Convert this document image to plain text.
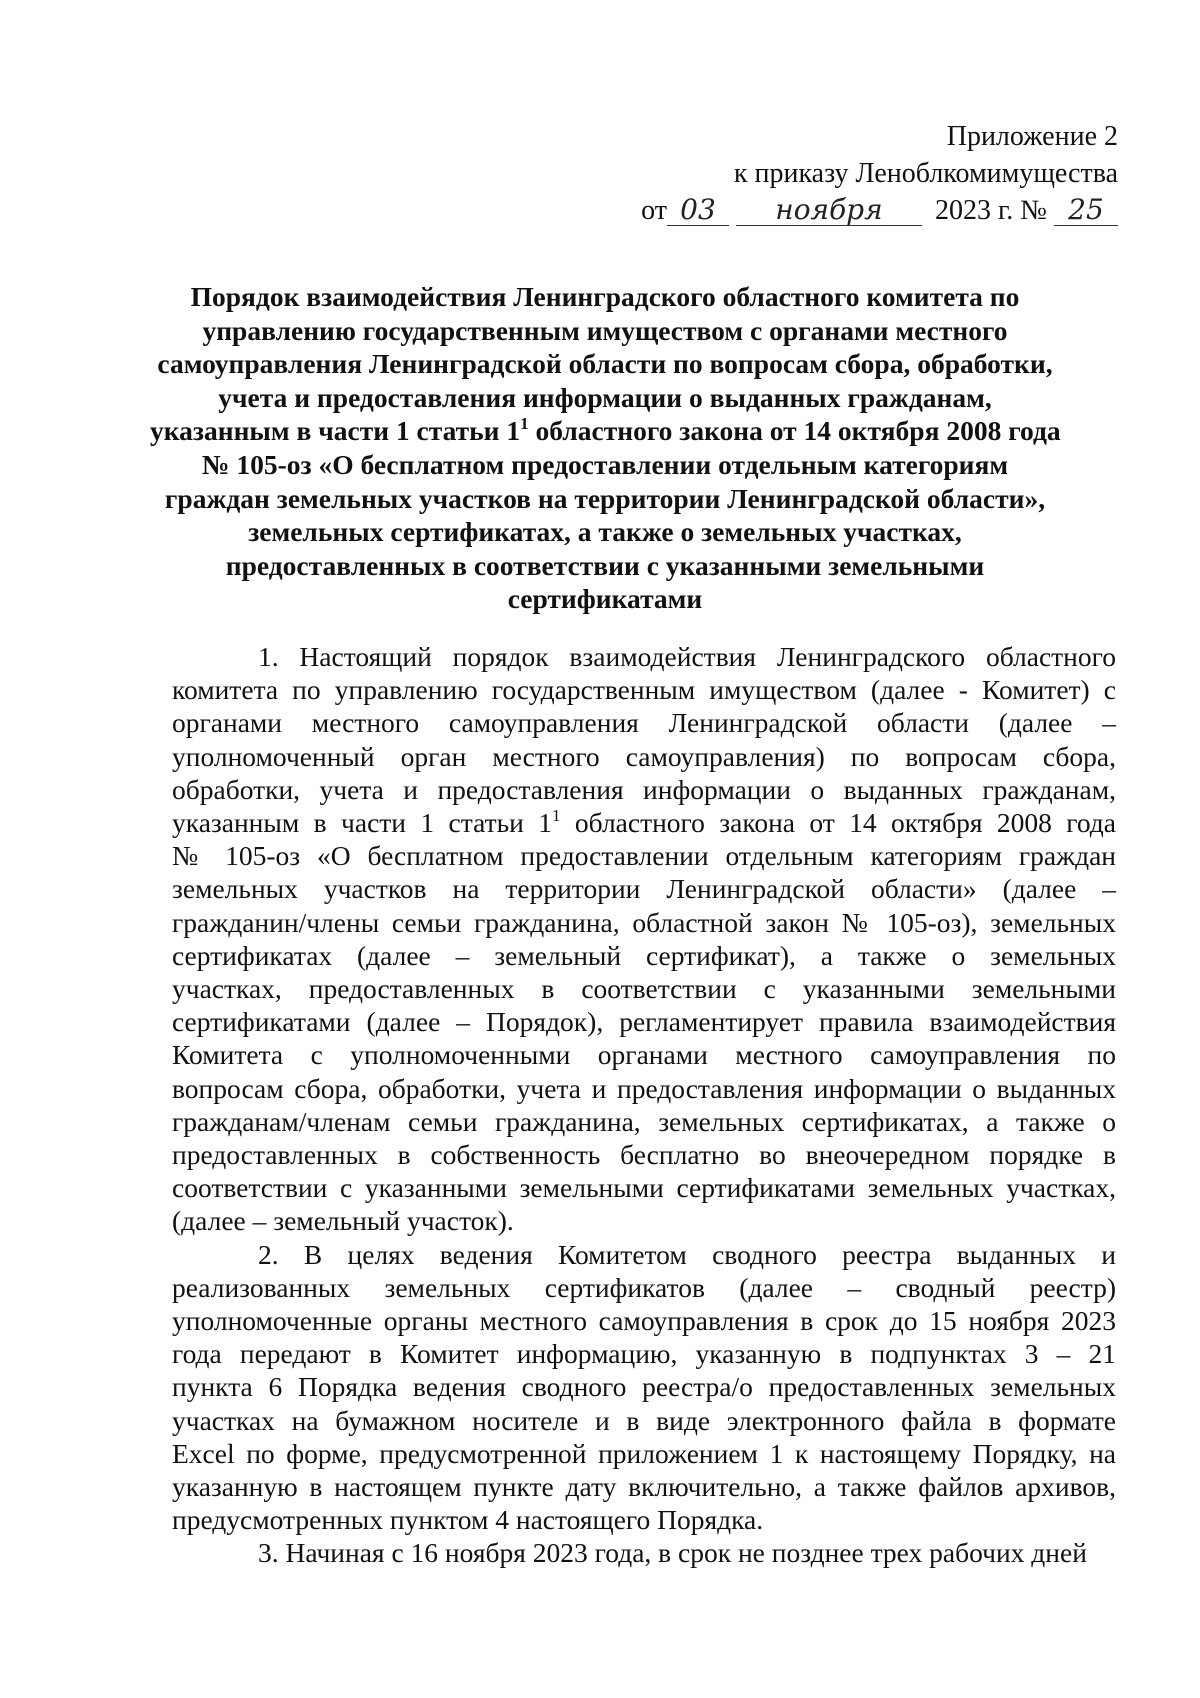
Приложение 2
к приказу Леноблкомимущества
от 03 ноября 2023 г. № 25
Порядок взаимодействия Ленинградского областного комитета по
управлению государственным имуществом с органами местного
самоуправления Ленинградской области по вопросам сбора, обработки,
учета и предоставления информации о выданных гражданам,
указанным в части 1 статьи $1^1$ областного закона от 14 октября 2008 года
№ 105-оз «О бесплатном предоставлении отдельным категориям
граждан земельных участков на территории Ленинградской области»,
земельных сертификатах, а также о земельных участках,
предоставленных в соответствии с указанными земельными
сертификатами
1. Настоящий порядок взаимодействия Ленинградского областного
комитета по управлению государственным имуществом (далее - Комитет) с
органами местного самоуправления Ленинградской области (далее –
уполномоченный орган местного самоуправления) по вопросам сбора,
обработки, учета и предоставления информации о выданных гражданам,
указанным в части 1 статьи $1^1$ областного закона от 14 октября 2008 года
№ 105-оз «О бесплатном предоставлении отдельным категориям граждан
земельных участков на территории Ленинградской области» (далее –
гражданин/члены семьи гражданина, областной закон № 105-оз), земельных
сертификатах (далее – земельный сертификат), а также о земельных
участках, предоставленных в соответствии с указанными земельными
сертификатами (далее – Порядок), регламентирует правила взаимодействия
Комитета с уполномоченными органами местного самоуправления по
вопросам сбора, обработки, учета и предоставления информации о выданных
гражданам/членам семьи гражданина, земельных сертификатах, а также о
предоставленных в собственность бесплатно во внеочередном порядке в
соответствии с указанными земельными сертификатами земельных участках,
(далее – земельный участок).
2. В целях ведения Комитетом сводного реестра выданных и
реализованных земельных сертификатов (далее – сводный реестр)
уполномоченные органы местного самоуправления в срок до 15 ноября 2023
года передают в Комитет информацию, указанную в подпунктах 3 – 21
пункта 6 Порядка ведения сводного реестра/о предоставленных земельных
участках на бумажном носителе и в виде электронного файла в формате
Excel по форме, предусмотренной приложением 1 к настоящему Порядку, на
указанную в настоящем пункте дату включительно, а также файлов архивов,
предусмотренных пунктом 4 настоящего Порядка.
3. Начиная с 16 ноября 2023 года, в срок не позднее трех рабочих дней
